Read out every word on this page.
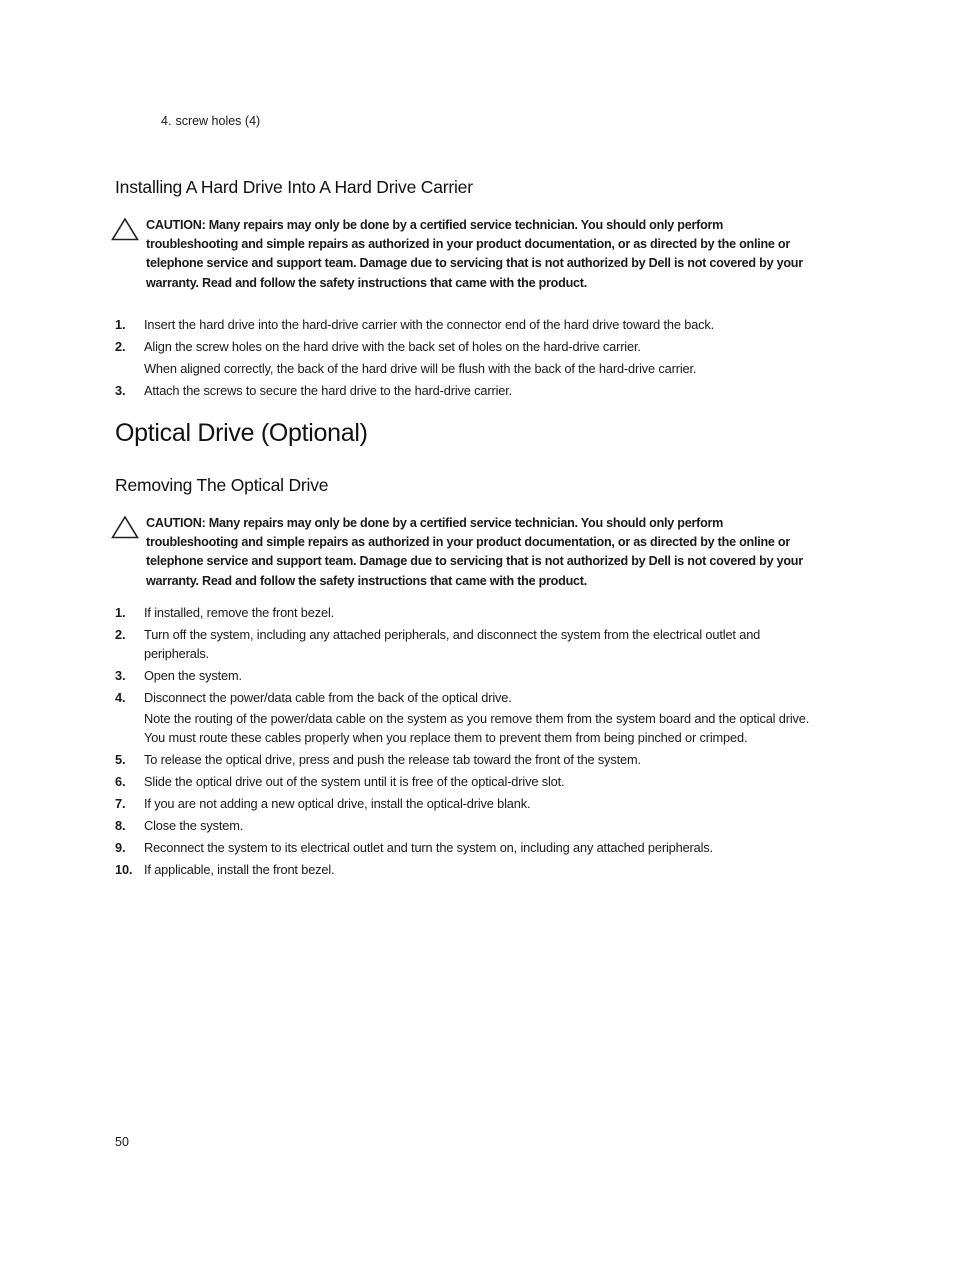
4. screw holes (4)
Installing A Hard Drive Into A Hard Drive Carrier
CAUTION: Many repairs may only be done by a certified service technician. You should only perform troubleshooting and simple repairs as authorized in your product documentation, or as directed by the online or telephone service and support team. Damage due to servicing that is not authorized by Dell is not covered by your warranty. Read and follow the safety instructions that came with the product.
1. Insert the hard drive into the hard-drive carrier with the connector end of the hard drive toward the back.
2. Align the screw holes on the hard drive with the back set of holes on the hard-drive carrier.
When aligned correctly, the back of the hard drive will be flush with the back of the hard-drive carrier.
3. Attach the screws to secure the hard drive to the hard-drive carrier.
Optical Drive (Optional)
Removing The Optical Drive
CAUTION: Many repairs may only be done by a certified service technician. You should only perform troubleshooting and simple repairs as authorized in your product documentation, or as directed by the online or telephone service and support team. Damage due to servicing that is not authorized by Dell is not covered by your warranty. Read and follow the safety instructions that came with the product.
1. If installed, remove the front bezel.
2. Turn off the system, including any attached peripherals, and disconnect the system from the electrical outlet and peripherals.
3. Open the system.
4. Disconnect the power/data cable from the back of the optical drive.
Note the routing of the power/data cable on the system as you remove them from the system board and the optical drive. You must route these cables properly when you replace them to prevent them from being pinched or crimped.
5. To release the optical drive, press and push the release tab toward the front of the system.
6. Slide the optical drive out of the system until it is free of the optical-drive slot.
7. If you are not adding a new optical drive, install the optical-drive blank.
8. Close the system.
9. Reconnect the system to its electrical outlet and turn the system on, including any attached peripherals.
10. If applicable, install the front bezel.
50
